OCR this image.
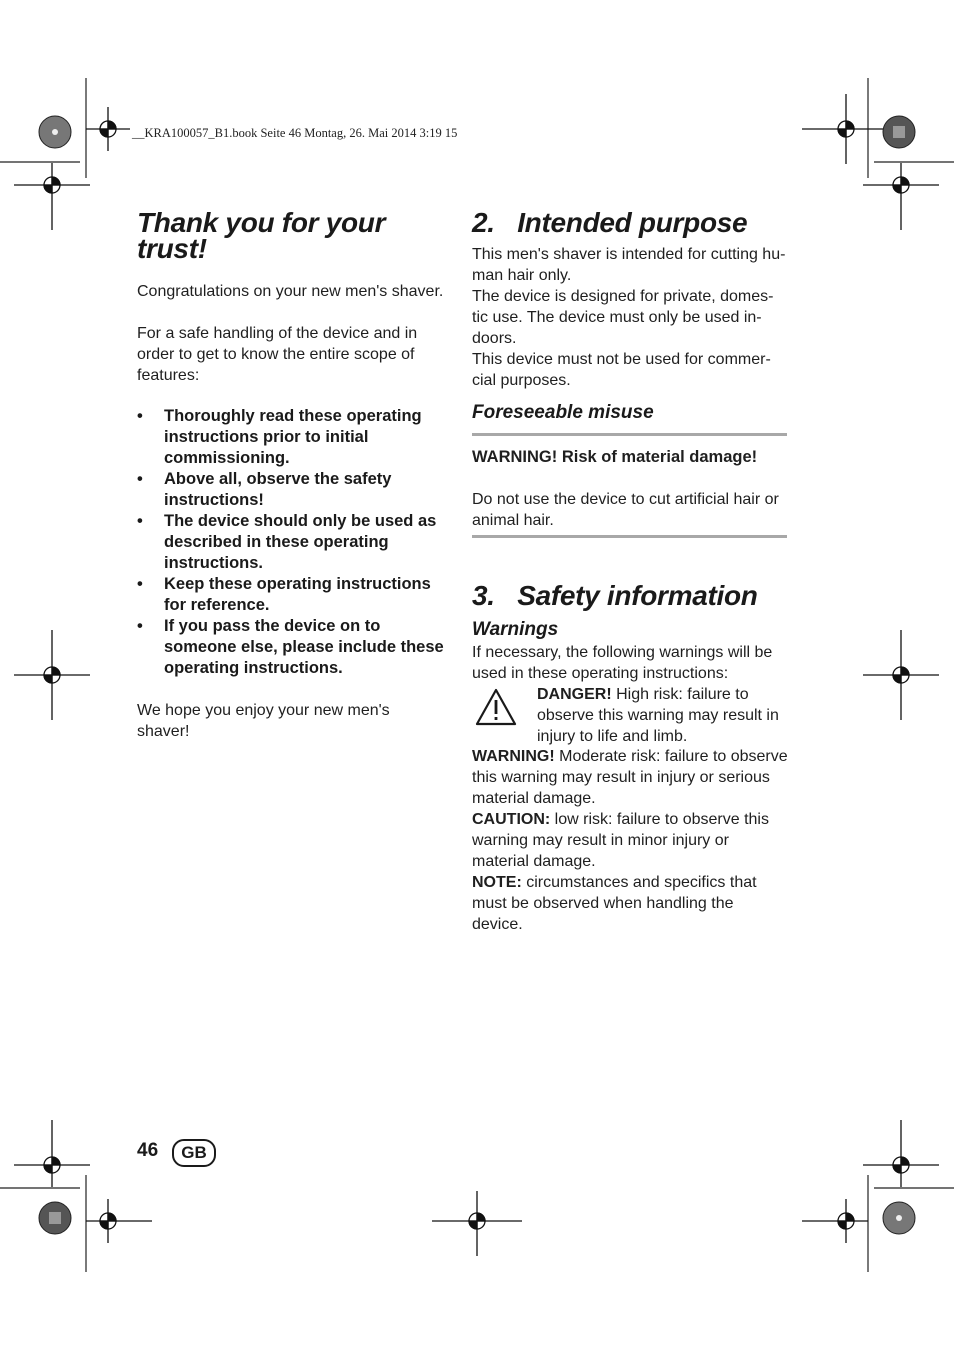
__KRA100057_B1.book Seite 46 Montag, 26. Mai 2014 3:19 15
Thank you for your trust!
Congratulations on your new men's shaver.
For a safe handling of the device and in order to get to know the entire scope of features:
• Thoroughly read these operating instructions prior to initial commissioning.
• Above all, observe the safety instructions!
• The device should only be used as described in these operating instructions.
• Keep these operating instructions for reference.
• If you pass the device on to someone else, please include these operating instructions.
We hope you enjoy your new men's shaver!
2.   Intended purpose
This men's shaver is intended for cutting hu-
man hair only.
The device is designed for private, domes-
tic use. The device must only be used in-
doors.
This device must not be used for commer-
cial purposes.
Foreseeable misuse
WARNING! Risk of material damage!
Do not use the device to cut artificial hair or animal hair.
3.   Safety information
Warnings
If necessary, the following warnings will be used in these operating instructions:
DANGER! High risk: failure to observe this warning may result in injury to life and limb.
WARNING! Moderate risk: failure to observe this warning may result in injury or serious material damage.
CAUTION: low risk: failure to observe this warning may result in minor injury or material damage.
NOTE: circumstances and specifics that must be observed when handling the device.
46	GB
